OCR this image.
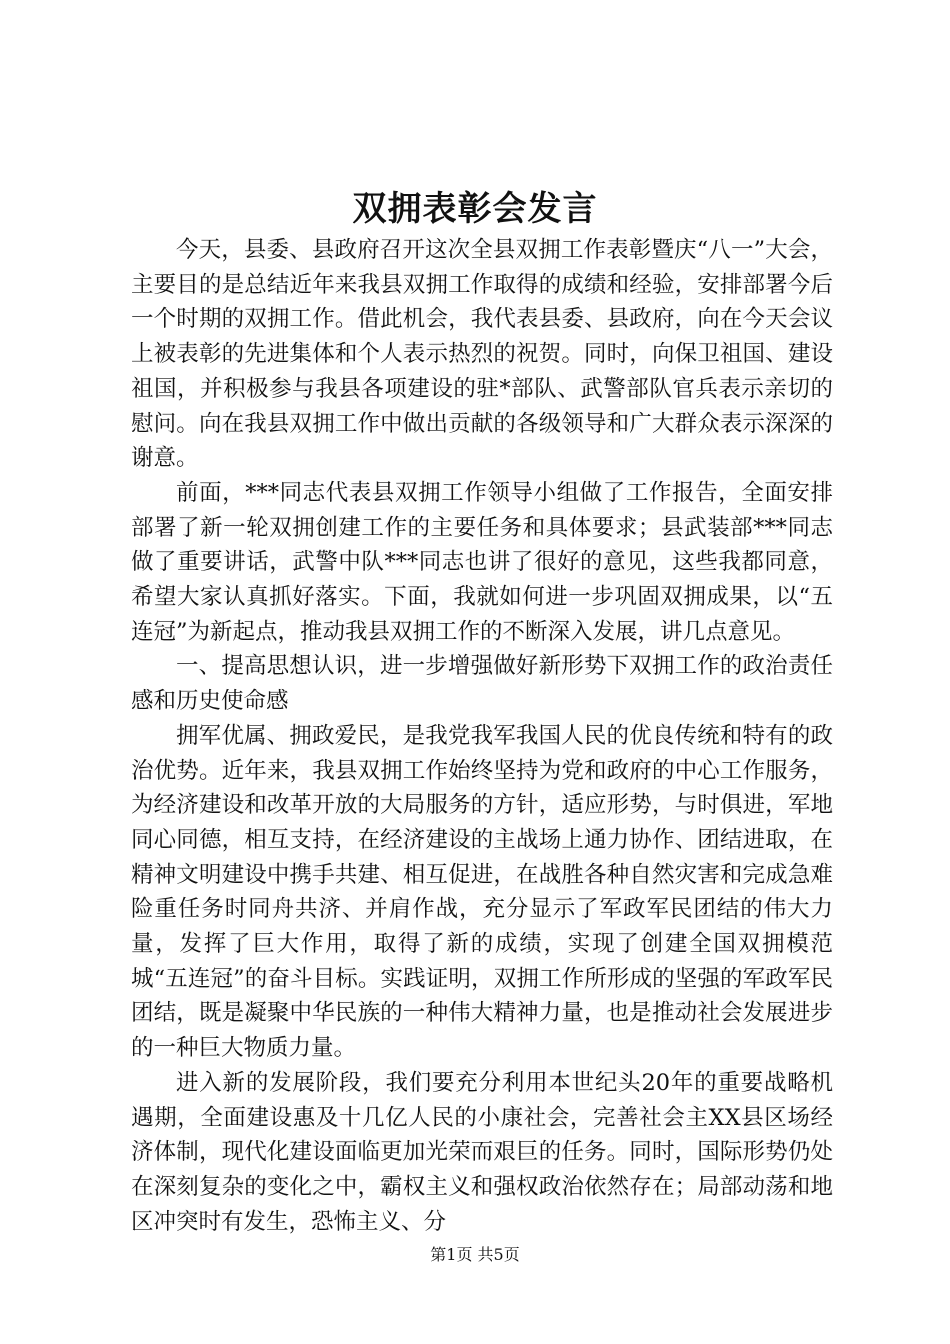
双拥表彰会发言

今天，县委、县政府召开这次全县双拥工作表彰暨庆“八一”大会，主要目的是总结近年来我县双拥工作取得的成绩和经验，安排部署今后一个时期的双拥工作。借此机会，我代表县委、县政府，向在今天会议上被表彰的先进集体和个人表示热烈的祝贺。同时，向保卫祖国、建设祖国，并积极参与我县各项建设的驻*部队、武警部队官兵表示亲切的慰问。向在我县双拥工作中做出贡献的各级领导和广大群众表示深深的谢意。

前面，***同志代表县双拥工作领导小组做了工作报告，全面安排部署了新一轮双拥创建工作的主要任务和具体要求；县武装部***同志做了重要讲话，武警中队***同志也讲了很好的意见，这些我都同意，希望大家认真抓好落实。下面，我就如何进一步巩固双拥成果，以“五连冠”为新起点，推动我县双拥工作的不断深入发展，讲几点意见。

一、提高思想认识，进一步增强做好新形势下双拥工作的政治责任感和历史使命感

拥军优属、拥政爱民，是我党我军我国人民的优良传统和特有的政治优势。近年来，我县双拥工作始终坚持为党和政府的中心工作服务，为经济建设和改革开放的大局服务的方针，适应形势，与时俱进，军地同心同德，相互支持，在经济建设的主战场上通力协作、团结进取，在精神文明建设中携手共建、相互促进，在战胜各种自然灾害和完成急难险重任务时同舟共济、并肩作战，充分显示了军政军民团结的伟大力量，发挥了巨大作用，取得了新的成绩，实现了创建全国双拥模范城“五连冠”的奋斗目标。实践证明，双拥工作所形成的坚强的军政军民团结，既是凝聚中华民族的一种伟大精神力量，也是推动社会发展进步的一种巨大物质力量。

进入新的发展阶段，我们要充分利用本世纪头20年的重要战略机遇期，全面建设惠及十几亿人民的小康社会，完善社会主XX县区场经济体制，现代化建设面临更加光荣而艰巨的任务。同时，国际形势仍处在深刻复杂的变化之中，霸权主义和强权政治依然存在；局部动荡和地区冲突时有发生，恐怖主义、分

第1页 共5页
